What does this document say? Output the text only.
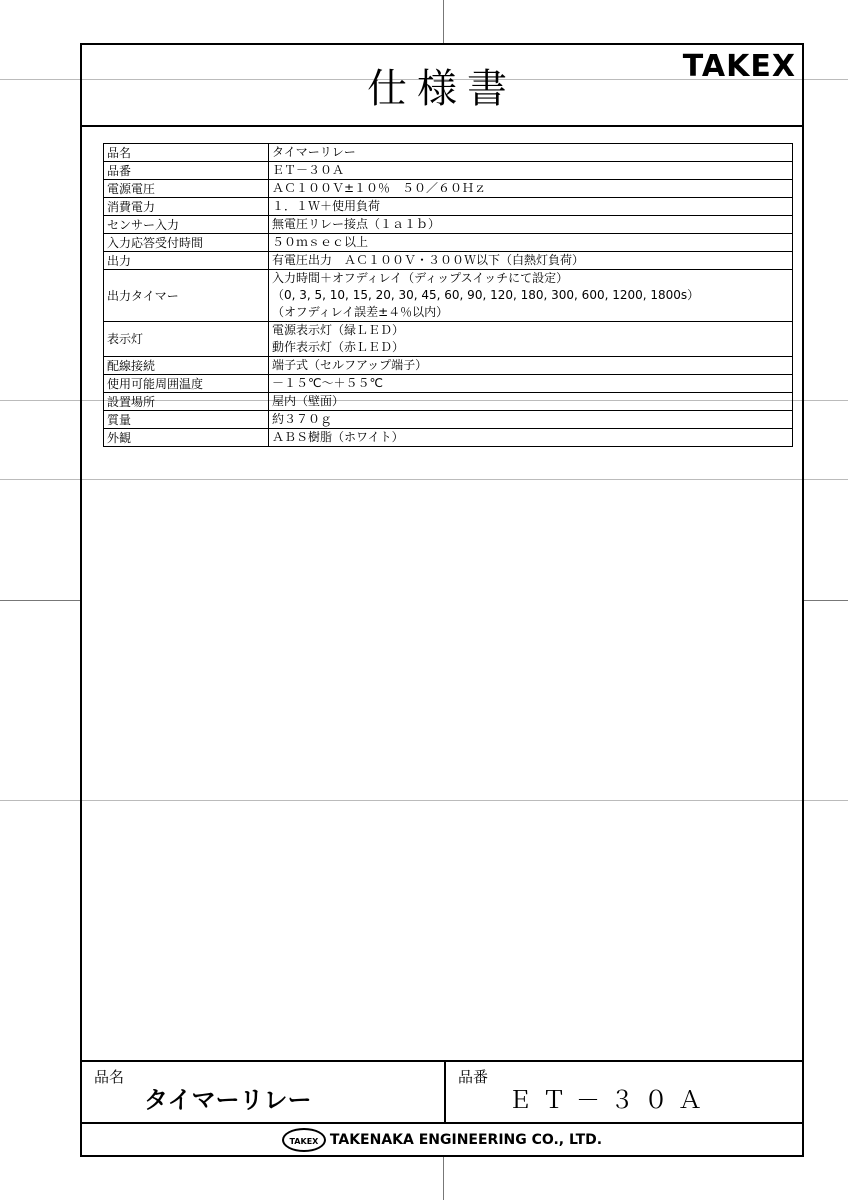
仕様書	TAKEX
品名	タイマーリレー

品番	ＥＴ－３０Ａ

電源電圧	ＡＣ１００Ｖ±１０％　５０／６０Ｈｚ

消費電力	１．１Ｗ＋使用負荷

センサー入力	無電圧リレー接点（１ａ１ｂ）

入力応答受付時間	５０ｍｓｅｃ以上

出力	有電圧出力　ＡＣ１００Ｖ・３００Ｗ以下（白熱灯負荷）

出力タイマー	入力時間＋オフディレイ（ディップスイッチにて設定）
（0, 3, 5, 10, 15, 20, 30, 45, 60, 90, 120, 180, 300, 600, 1200, 1800s）
（オフディレイ誤差±４％以内）

表示灯	電源表示灯（緑ＬＥＤ）
動作表示灯（赤ＬＥＤ）

配線接続	端子式（セルフアップ端子）

使用可能周囲温度	－１５℃～＋５５℃

設置場所	屋内（壁面）

質量	約３７０ｇ

外観	ＡＢＳ樹脂（ホワイト）
品名
タイマーリレー
品番
ＥＴ－３０Ａ
TAKEX TAKENAKA ENGINEERING CO., LTD.
